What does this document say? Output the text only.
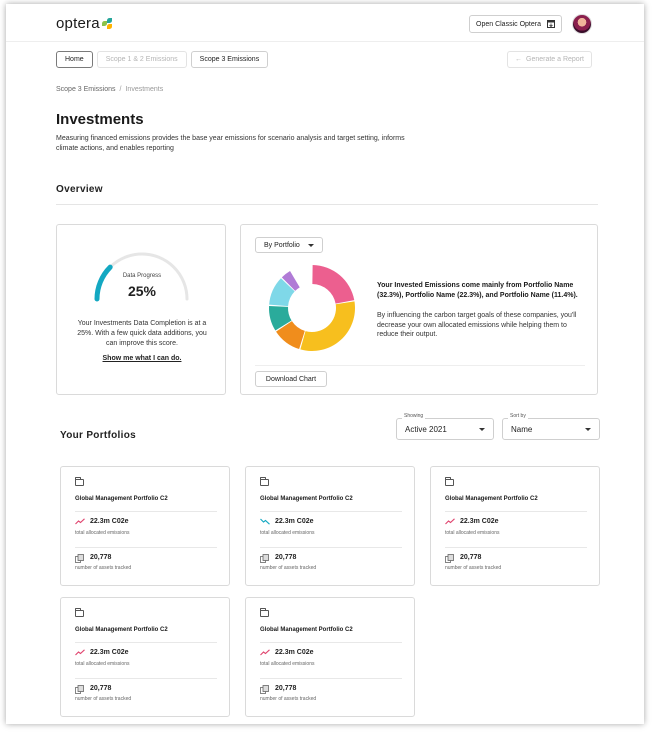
optera	Open Classic Optera
Home	Scope 1 & 2 Emissions	Scope 3 Emissions	← Generate a Report
Scope 3 Emissions / Investments
Investments
Measuring financed emissions provides the base year emissions for scenario analysis and target setting, informs climate actions, and enables reporting
Overview
Data Progress
25%
Your Investments Data Completion is at a 25%. With a few quick data additions, you can improve this score.
Show me what I can do.
By Portfolio
Your Invested Emissions come mainly from Portfolio Name (32.3%), Portfolio Name (22.3%), and Portfolio Name (11.4%).
By influencing the carbon target goals of these companies, you'll decrease your own allocated emissions while helping them to reduce their output.
Download Chart
Your Portfolios
Showing
Active 2021
Sort by
Name
Global Management Portfolio C2
22.3m C02e
total allocated emissions
20,778
number of assets tracked
Global Management Portfolio C2
22.3m C02e
total allocated emissions
20,778
number of assets tracked
Global Management Portfolio C2
22.3m C02e
total allocated emissions
20,778
number of assets tracked
Global Management Portfolio C2
22.3m C02e
total allocated emissions
20,778
number of assets tracked
Global Management Portfolio C2
22.3m C02e
total allocated emissions
20,778
number of assets tracked
